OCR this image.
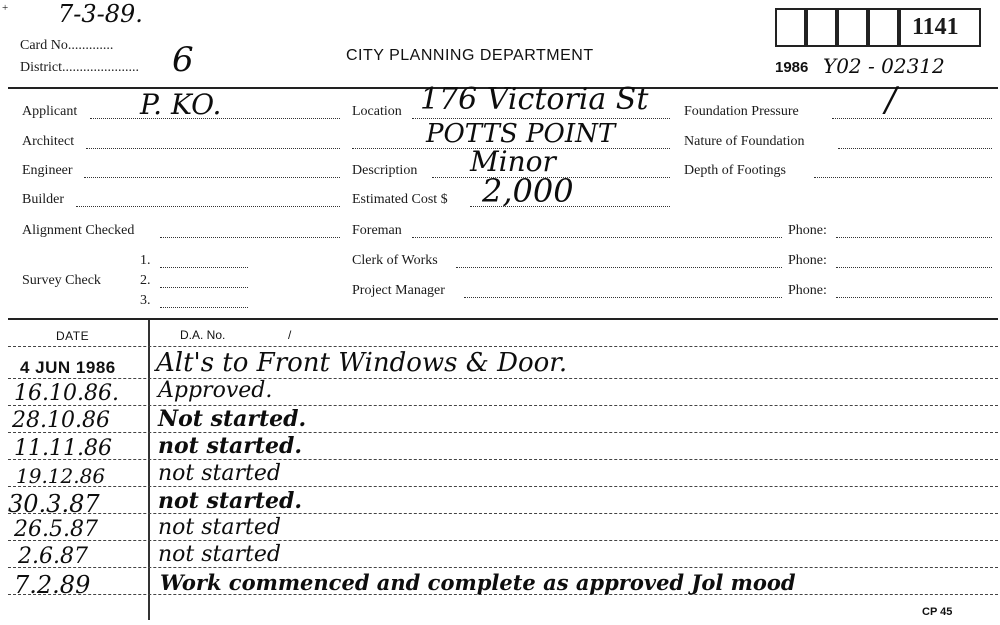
+ 7-3-89.
Card No.............
District...................... 6	CITY PLANNING DEPARTMENT
1141
1986 Y02 - 02312
Applicant P. KO.
Architect
Engineer
Builder
Alignment Checked
Survey Check
1.
2.
3.
Location 176 Victoria St
POTTS POINT
Description Minor
Estimated Cost $ 2,000
Foreman
Clerk of Works
Project Manager
Foundation Pressure	/
Nature of Foundation
Depth of Footings
Phone:
Phone:
Phone:
DATE	D.A. No.	/
4 JUN 1986 Alt's to Front Windows & Door.
16.10.86. Approved.
28.10.86 Not started.
11.11.86 not started.
19.12.86 not started
30.3.87	not started.
26.5.87	not started
2.6.87	not started
7.2.89	Work commenced and complete as approved Jol mood
CP 45
